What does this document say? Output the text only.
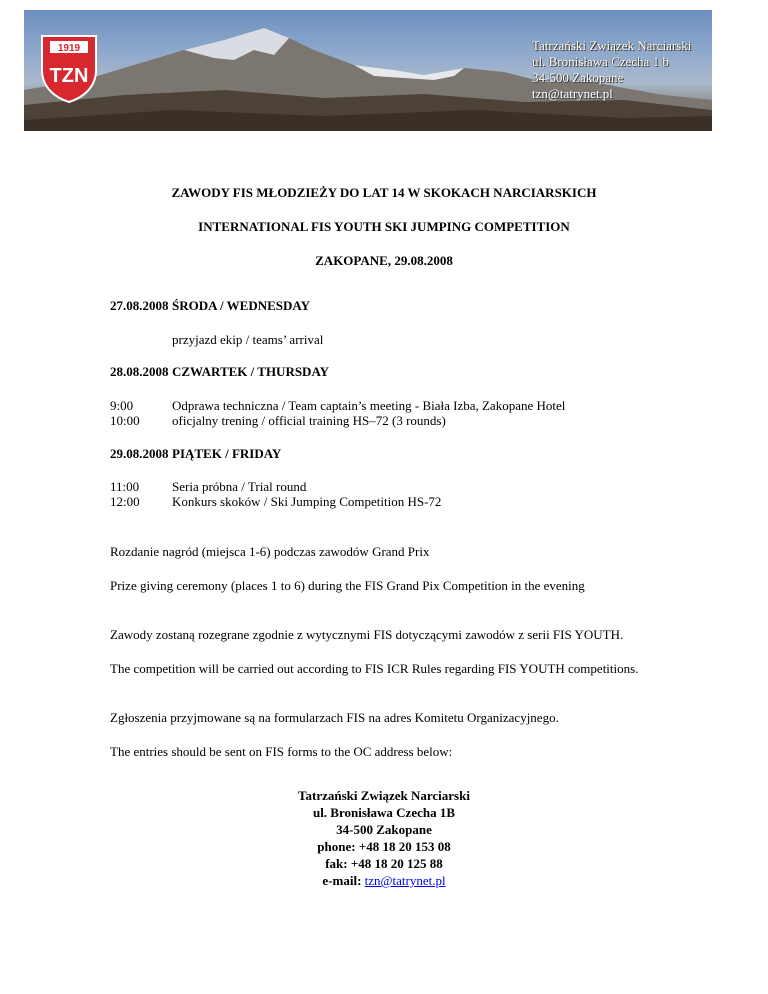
1919
TZN
Tatrzański Związek Narciarski
ul. Bronisława Czecha 1 b
34-500 Zakopane
tzn@tatrynet.pl
ZAWODY FIS MŁODZIEŻY DO LAT 14 W SKOKACH NARCIARSKICH
INTERNATIONAL FIS YOUTH SKI JUMPING COMPETITION
ZAKOPANE, 29.08.2008
27.08.2008 ŚRODA / WEDNESDAY
przyjazd ekip / teams’ arrival
28.08.2008 CZWARTEK / THURSDAY
9:00	Odprawa techniczna / Team captain’s meeting - Biała Izba, Zakopane Hotel
10:00 oficjalny trening / official training HS–72 (3 rounds)
29.08.2008 PIĄTEK / FRIDAY
11:00	Seria próbna / Trial round
12:00 Konkurs skoków / Ski Jumping Competition HS-72
Rozdanie nagród (miejsca 1-6) podczas zawodów Grand Prix
Prize giving ceremony (places 1 to 6) during the FIS Grand Pix Competition in the evening
Zawody zostaną rozegrane zgodnie z wytycznymi FIS dotyczącymi zawodów z serii FIS YOUTH.
The competition will be carried out according to FIS ICR Rules regarding FIS YOUTH competitions.
Zgłoszenia przyjmowane są na formularzach FIS na adres Komitetu Organizacyjnego.
The entries should be sent on FIS forms to the OC address below:
Tatrzański Związek Narciarski
ul. Bronisława Czecha 1B
34-500 Zakopane
phone: +48 18 20 153 08
fak: +48 18 20 125 88
e-mail: tzn@tatrynet.pl
